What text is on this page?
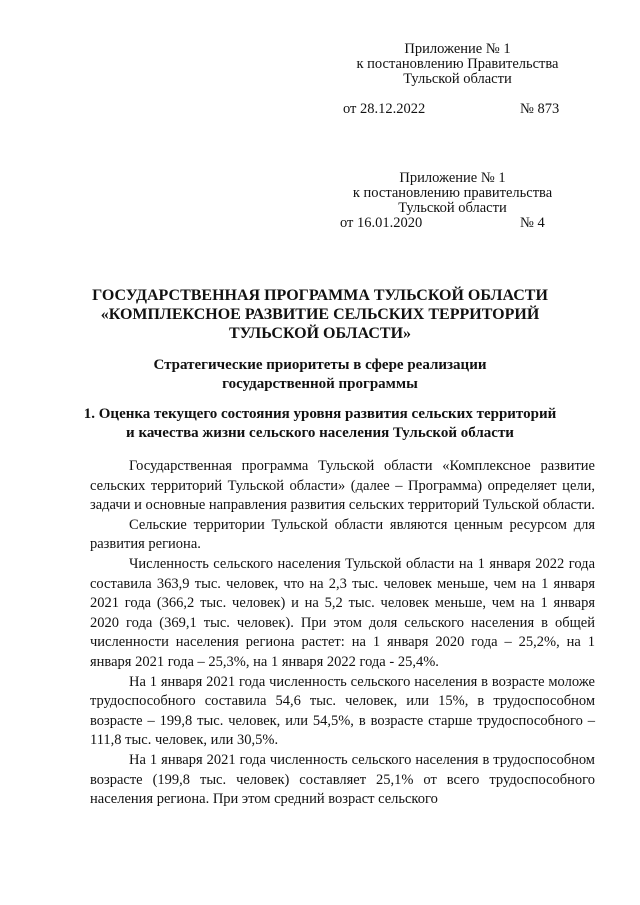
Приложение № 1
к постановлению Правительства
Тульской области
от 28.12.2022	№ 873
Приложение № 1
к постановлению правительства
Тульской области
от 16.01.2020	№ 4
ГОСУДАРСТВЕННАЯ ПРОГРАММА ТУЛЬСКОЙ ОБЛАСТИ
«КОМПЛЕКСНОЕ РАЗВИТИЕ СЕЛЬСКИХ ТЕРРИТОРИЙ
ТУЛЬСКОЙ ОБЛАСТИ»
Стратегические приоритеты в сфере реализации
государственной программы
1. Оценка текущего состояния уровня развития сельских территорий
и качества жизни сельского населения Тульской области

Государственная программа Тульской области «Комплексное развитие сельских территорий Тульской области» (далее – Программа) определяет цели, задачи и основные направления развития сельских территорий Тульской области.

Сельские территории Тульской области являются ценным ресурсом для развития региона.

Численность сельского населения Тульской области на 1 января 2022 года составила 363,9 тыс. человек, что на 2,3 тыс. человек меньше, чем на 1 января 2021 года (366,2 тыс. человек) и на 5,2 тыс. человек меньше, чем на 1 января 2020 года (369,1 тыс. человек). При этом доля сельского населения в общей численности населения региона растет: на 1 января 2020 года – 25,2%, на 1 января 2021 года – 25,3%, на 1 января 2022 года - 25,4%.

На 1 января 2021 года численность сельского населения в возрасте моложе трудоспособного составила 54,6 тыс. человек, или 15%, в трудоспособном возрасте – 199,8 тыс. человек, или 54,5%, в возрасте старше трудоспособного – 111,8 тыс. человек, или 30,5%.

На 1 января 2021 года численность сельского населения в трудоспособном возрасте (199,8 тыс. человек) составляет 25,1% от всего трудоспособного населения региона. При этом средний возраст сельского
